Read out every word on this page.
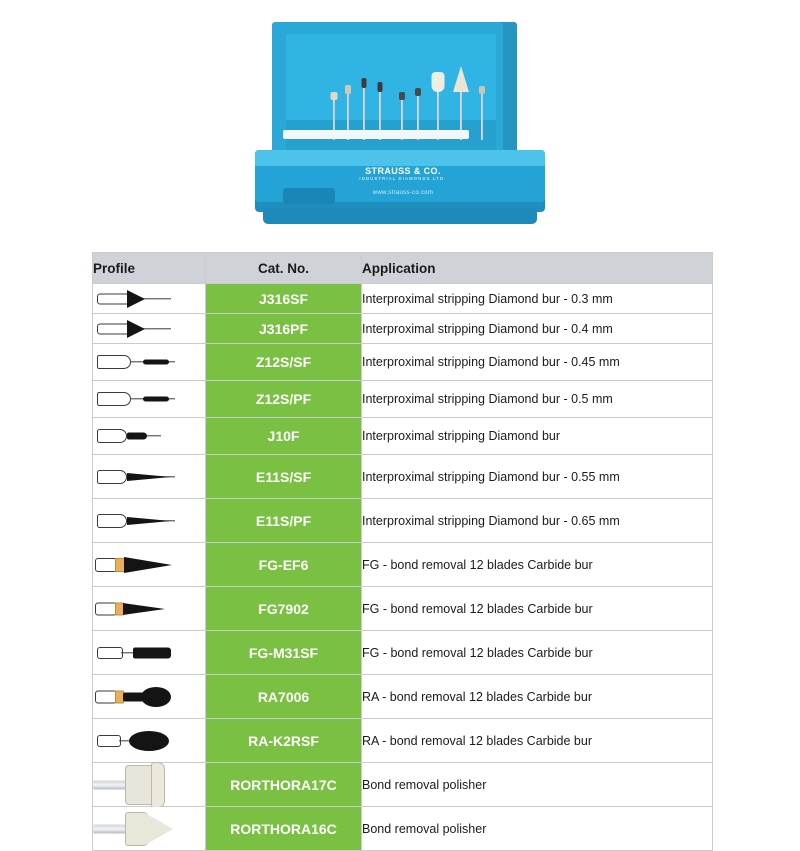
STRAUSS & CO.
INDUSTRIAL DIAMONDS LTD.
www.strauss-co.com
Profile	Cat. No.	Application

	J316SF	Interproximal stripping Diamond bur - 0.3 mm

	J316PF	Interproximal stripping Diamond bur - 0.4 mm

	Z12S/SF	Interproximal stripping Diamond bur - 0.45 mm

	Z12S/PF	Interproximal stripping Diamond bur - 0.5 mm

	J10F	Interproximal stripping Diamond bur

	E11S/SF	Interproximal stripping Diamond bur - 0.55 mm

	E11S/PF	Interproximal stripping Diamond bur - 0.65 mm

	FG-EF6	FG - bond removal 12 blades Carbide bur

	FG7902	FG - bond removal 12 blades Carbide bur

	FG-M31SF	FG - bond removal 12 blades Carbide bur

	RA7006	RA - bond removal 12 blades Carbide bur

	RA-K2RSF	RA - bond removal 12 blades Carbide bur

	RORTHORA17C	Bond removal polisher

	RORTHORA16C	Bond removal polisher
